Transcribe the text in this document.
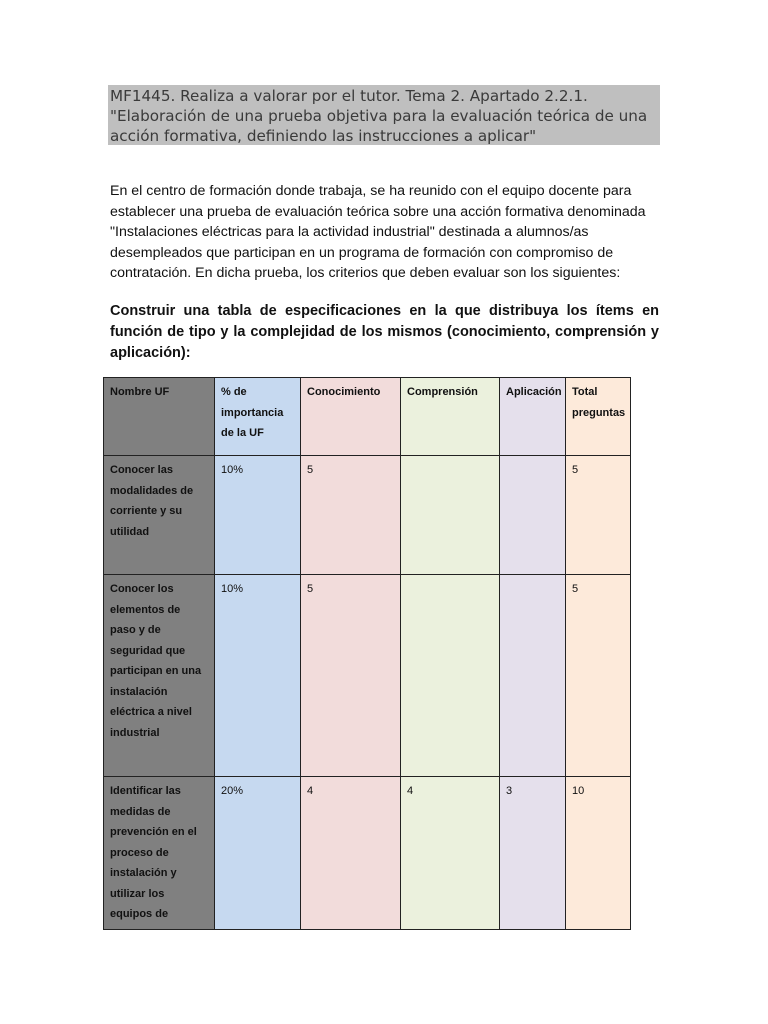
MF1445. Realiza a valorar por el tutor. Tema 2. Apartado 2.2.1. "Elaboración de una prueba objetiva para la evaluación teórica de una acción formativa, definiendo las instrucciones a aplicar"

En el centro de formación donde trabaja, se ha reunido con el equipo docente para establecer una prueba de evaluación teórica sobre una acción formativa denominada "Instalaciones eléctricas para la actividad industrial" destinada a alumnos/as desempleados que participan en un programa de formación con compromiso de contratación. En dicha prueba, los criterios que deben evaluar son los siguientes:

Construir una tabla de especificaciones en la que distribuya los ítems en función de tipo y la complejidad de los mismos (conocimiento, comprensión y aplicación):

Nombre UF	% de importancia de la UF	Conocimiento	Comprensión	Aplicación	Total preguntas
Conocer las modalidades de corriente y su utilidad	10%	5			5
Conocer los elementos de paso y de seguridad que participan en una instalación eléctrica a nivel industrial	10%	5			5
Identificar las medidas de prevención en el proceso de instalación y utilizar los equipos de	20%	4	4	3	10
